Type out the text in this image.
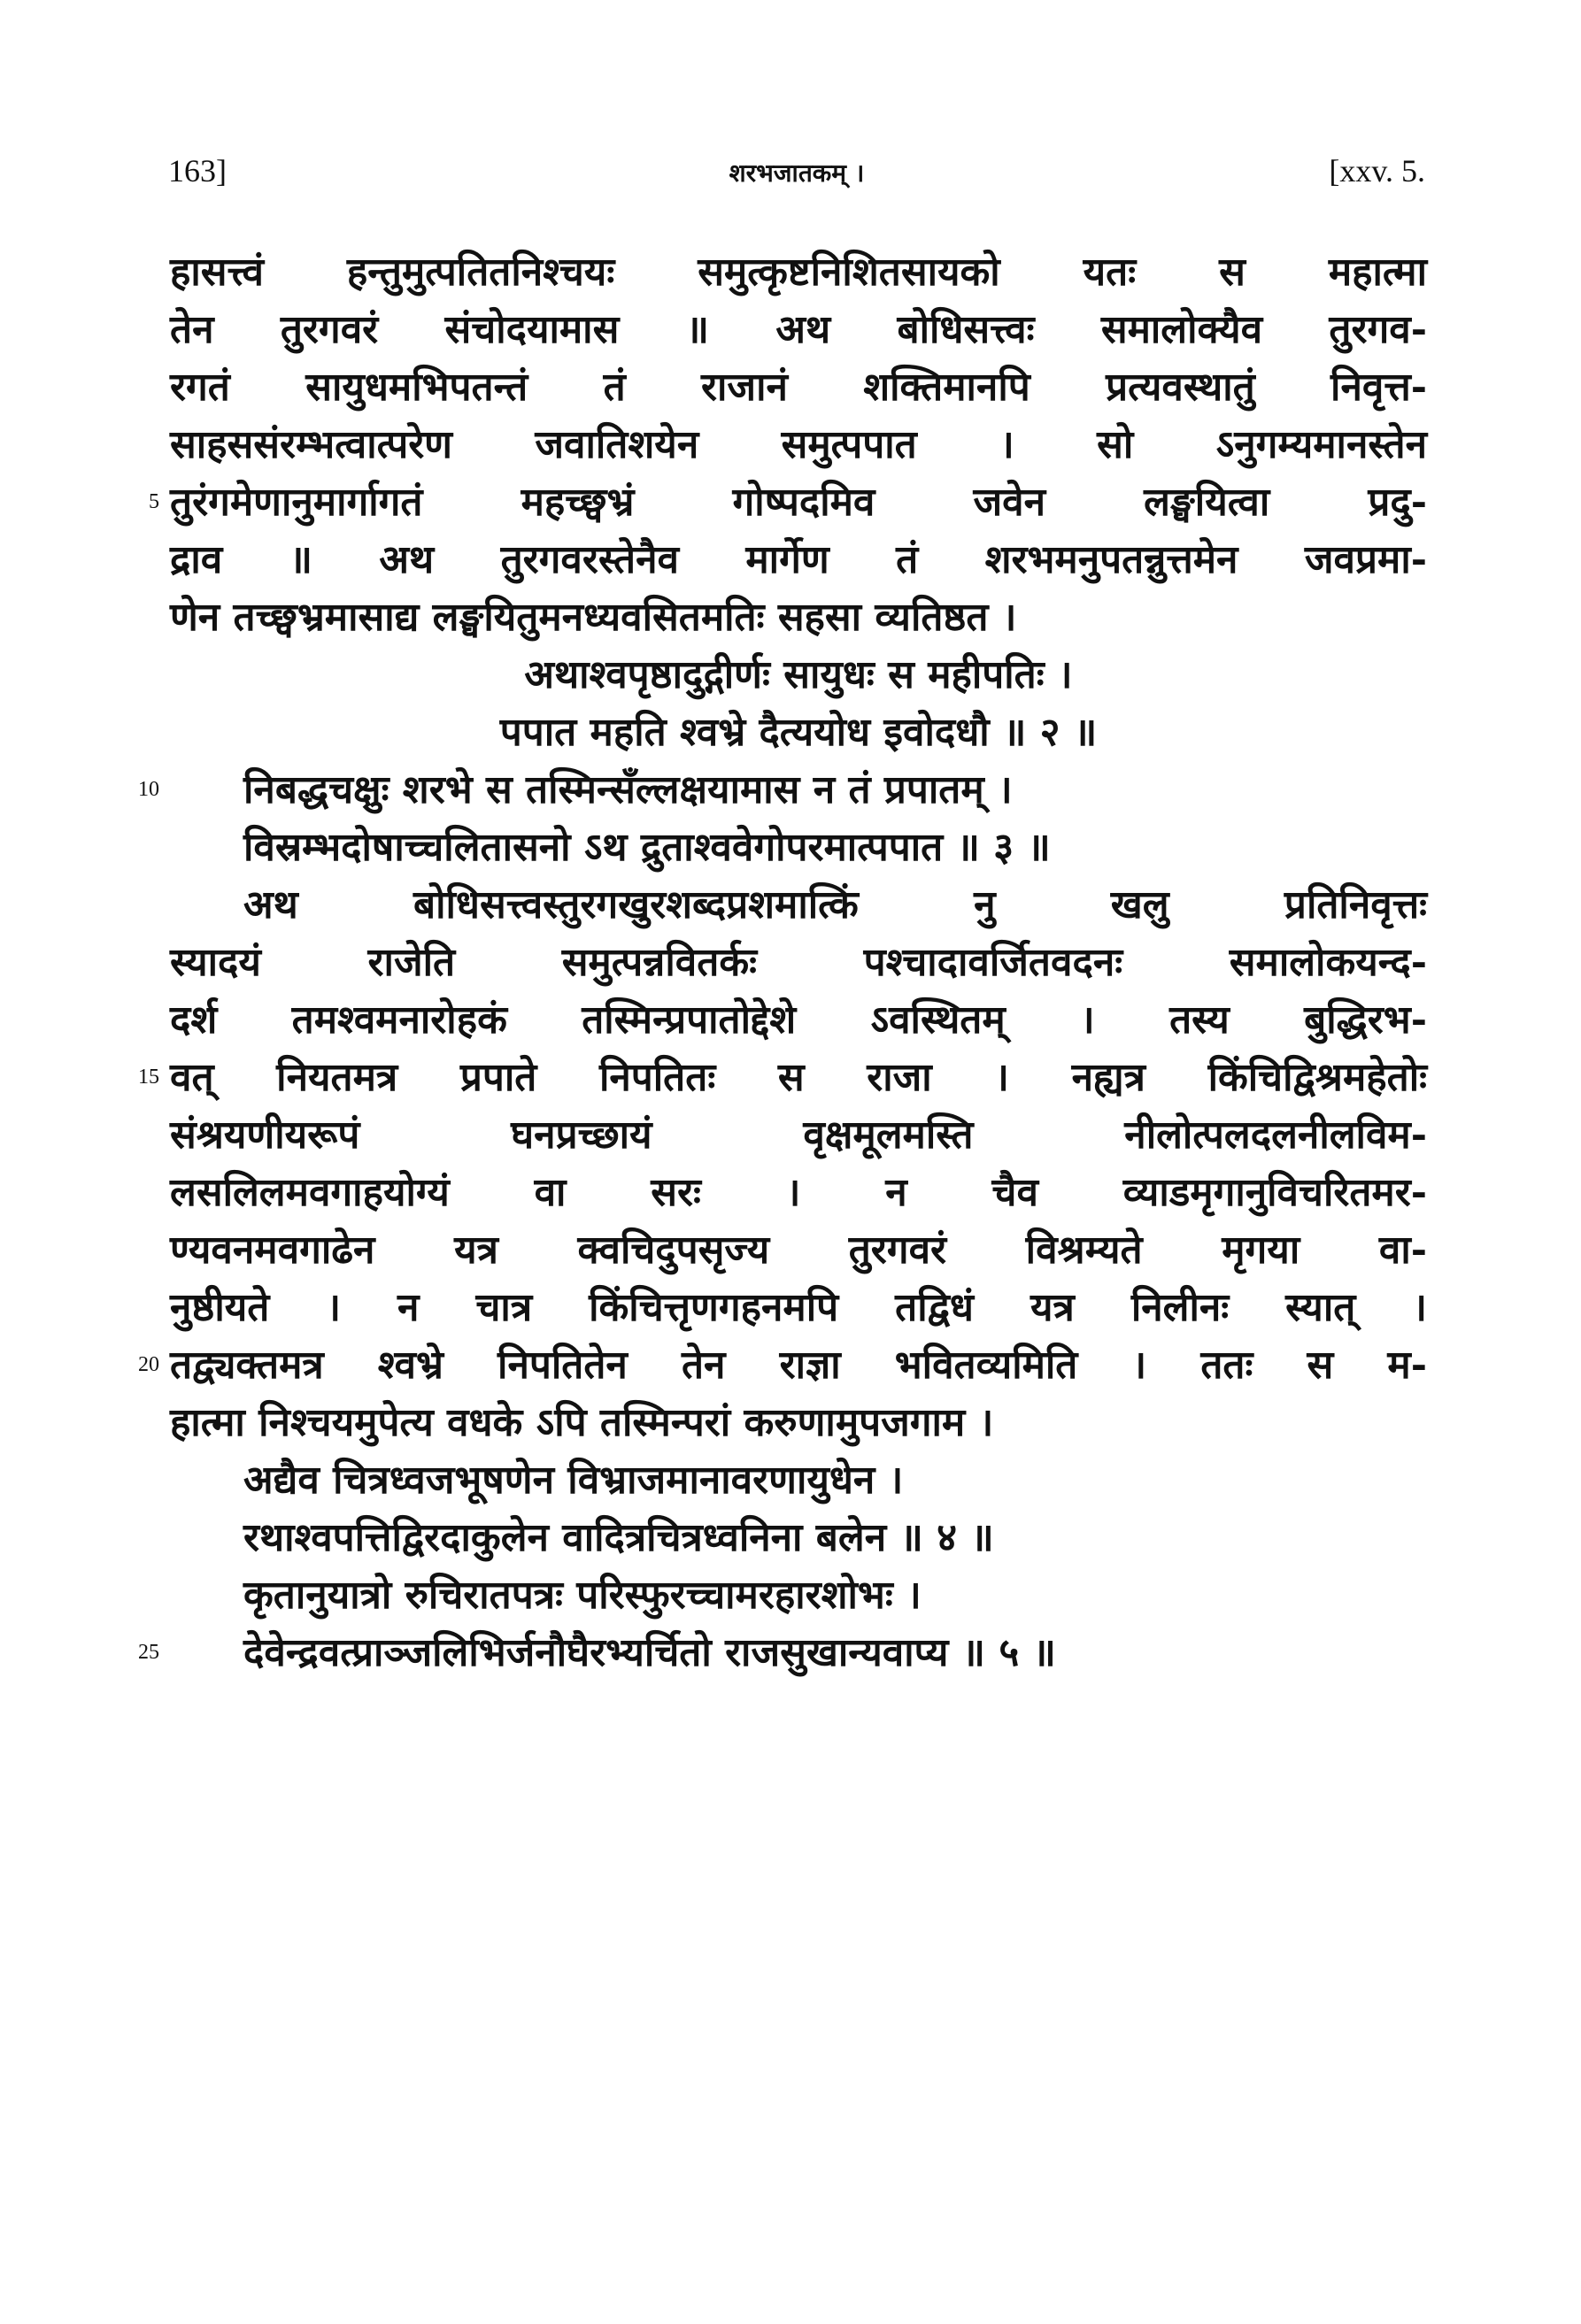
163]	शरभजातकम् ।	[xxv. 5.
हासत्त्वं हन्तुमुत्पतितनिश्चयः समुत्कृष्टनिशितसायको यतः स महात्मा
तेन तुरगवरं संचोदयामास ॥ अथ बोधिसत्त्वः समालोक्यैव तुरगव-
रगतं सायुधमभिपतन्तं तं राजानं शक्तिमानपि प्रत्यवस्थातुं निवृत्त-
साहससंरम्भत्वात्परेण जवातिशयेन समुत्पपात । सो ऽनुगम्यमानस्तेन
5 तुरंगमेणानुमार्गागतं महच्छ्वभ्रं गोष्पदमिव जवेन लङ्घयित्वा प्रदु-
द्राव ॥ अथ तुरगवरस्तेनैव मार्गेण तं शरभमनुपतन्नुत्तमेन जवप्रमा-
णेन तच्छ्वभ्रमासाद्य लङ्घयितुमनध्यवसितमतिः सहसा व्यतिष्ठत ।
अथाश्वपृष्ठादुद्गीर्णः सायुधः स महीपतिः ।
पपात महति श्वभ्रे दैत्ययोध इवोदधौ ॥ २ ॥
10 निबद्धचक्षुः शरभे स तस्मिन्सँल्लक्षयामास न तं प्रपातम् ।
विस्रम्भदोषाच्चलितासनो ऽथ द्रुताश्ववेगोपरमात्पपात ॥ ३ ॥
अथ बोधिसत्त्वस्तुरगखुरशब्दप्रशमात्किं नु खलु प्रतिनिवृत्तः
स्यादयं राजेति समुत्पन्नवितर्कः पश्चादावर्जितवदनः समालोकयन्द-
दर्श तमश्वमनारोहकं तस्मिन्प्रपातोद्देशे ऽवस्थितम् । तस्य बुद्धिरभ-
15 वत् नियतमत्र प्रपाते निपतितः स राजा । नह्यत्र किंचिद्विश्रमहेतोः
संश्रयणीयरूपं घनप्रच्छायं वृक्षमूलमस्ति नीलोत्पलदलनीलविम-
लसलिलमवगाहयोग्यं वा सरः । न चैव व्याडमृगानुविचरितमर-
ण्यवनमवगाढेन यत्र क्वचिदुपसृज्य तुरगवरं विश्रम्यते मृगया वा-
नुष्ठीयते । न चात्र किंचित्तृणगहनमपि तद्विधं यत्र निलीनः स्यात् ।
20 तद्व्यक्तमत्र श्वभ्रे निपतितेन तेन राज्ञा भवितव्यमिति । ततः स म-
हात्मा निश्चयमुपेत्य वधके ऽपि तस्मिन्परां करुणामुपजगाम ।
अद्यैव चित्रध्वजभूषणेन विभ्राजमानावरणायुधेन ।
रथाश्वपत्तिद्विरदाकुलेन वादित्रचित्रध्वनिना बलेन ॥ ४ ॥
कृतानुयात्रो रुचिरातपत्रः परिस्फुरच्चामरहारशोभः ।
25 देवेन्द्रवत्प्राञ्जलिभिर्जनौघैरभ्यर्चितो राजसुखान्यवाप्य ॥ ५ ॥
